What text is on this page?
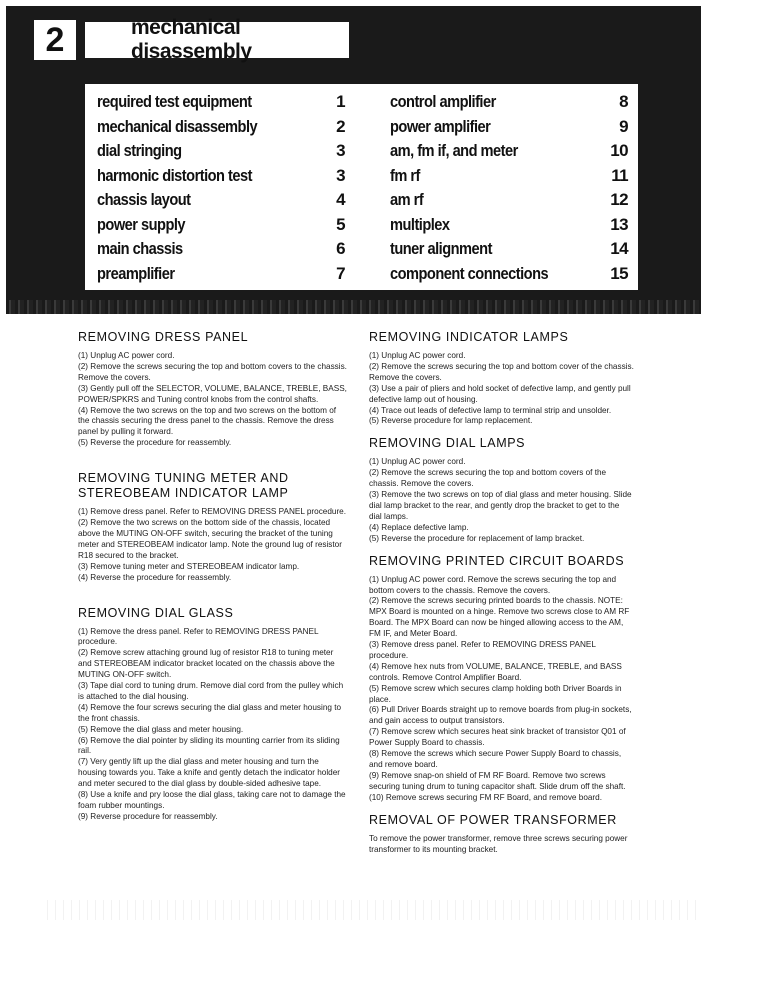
2	mechanical disassembly
required test equipment	1
mechanical disassembly	2
dial stringing	3
harmonic distortion test	3
chassis layout	4
power supply	5
main chassis	6
preamplifier	7
control amplifier	8
power amplifier	9
am, fm if, and meter	10
fm rf	11
am rf	12
multiplex	13
tuner alignment	14
component connections	15
REMOVING DRESS PANEL

(1) Unplug AC power cord.

(2) Remove the screws securing the top and bottom covers to the chassis. Remove the covers.

(3) Gently pull off the SELECTOR, VOLUME, BALANCE, TREBLE, BASS, POWER/SPKRS and Tuning control knobs from the control shafts.

(4) Remove the two screws on the top and two screws on the bottom of the chassis securing the dress panel to the chassis. Remove the dress panel by pulling it forward.

(5) Reverse the procedure for reassembly.

REMOVING TUNING METER AND STEREOBEAM INDICATOR LAMP

(1) Remove dress panel. Refer to REMOVING DRESS PANEL procedure.

(2) Remove the two screws on the bottom side of the chassis, located above the MUTING ON-OFF switch, securing the bracket of the tuning meter and STEREOBEAM indicator lamp. Note the ground lug of resistor R18 secured to the bracket.

(3) Remove tuning meter and STEREOBEAM indicator lamp.

(4) Reverse the procedure for reassembly.

REMOVING DIAL GLASS

(1) Remove the dress panel. Refer to REMOVING DRESS PANEL procedure.

(2) Remove screw attaching ground lug of resistor R18 to tuning meter and STEREOBEAM indicator bracket located on the chassis above the MUTING ON-OFF switch.

(3) Tape dial cord to tuning drum. Remove dial cord from the pulley which is attached to the dial housing.

(4) Remove the four screws securing the dial glass and meter housing to the front chassis.

(5) Remove the dial glass and meter housing.

(6) Remove the dial pointer by sliding its mounting carrier from its sliding rail.

(7) Very gently lift up the dial glass and meter housing and turn the housing towards you. Take a knife and gently detach the indicator holder and meter secured to the dial glass by double-sided adhesive tape.

(8) Use a knife and pry loose the dial glass, taking care not to damage the foam rubber mountings.

(9) Reverse procedure for reassembly.

REMOVING INDICATOR LAMPS

(1) Unplug AC power cord.

(2) Remove the screws securing the top and bottom cover of the chassis. Remove the covers.

(3) Use a pair of pliers and hold socket of defective lamp, and gently pull defective lamp out of housing.

(4) Trace out leads of defective lamp to terminal strip and unsolder.

(5) Reverse procedure for lamp replacement.

REMOVING DIAL LAMPS

(1) Unplug AC power cord.

(2) Remove the screws securing the top and bottom covers of the chassis. Remove the covers.

(3) Remove the two screws on top of dial glass and meter housing. Slide dial lamp bracket to the rear, and gently drop the bracket to get to the dial lamps.

(4) Replace defective lamp.

(5) Reverse the procedure for replacement of lamp bracket.

REMOVING PRINTED CIRCUIT BOARDS

(1) Unplug AC power cord. Remove the screws securing the top and bottom covers to the chassis. Remove the covers.

(2) Remove the screws securing printed boards to the chassis. NOTE: MPX Board is mounted on a hinge. Remove two screws close to AM RF Board. The MPX Board can now be hinged allowing access to the AM, FM IF, and Meter Board.

(3) Remove dress panel. Refer to REMOVING DRESS PANEL procedure.

(4) Remove hex nuts from VOLUME, BALANCE, TREBLE, and BASS controls. Remove Control Amplifier Board.

(5) Remove screw which secures clamp holding both Driver Boards in place.

(6) Pull Driver Boards straight up to remove boards from plug-in sockets, and gain access to output transistors.

(7) Remove screw which secures heat sink bracket of transistor Q01 of Power Supply Board to chassis.

(8) Remove the screws which secure Power Supply Board to chassis, and remove board.

(9) Remove snap-on shield of FM RF Board. Remove two screws securing tuning drum to tuning capacitor shaft. Slide drum off the shaft.

(10) Remove screws securing FM RF Board, and remove board.

REMOVAL OF POWER TRANSFORMER

To remove the power transformer, remove three screws securing power transformer to its mounting bracket.
